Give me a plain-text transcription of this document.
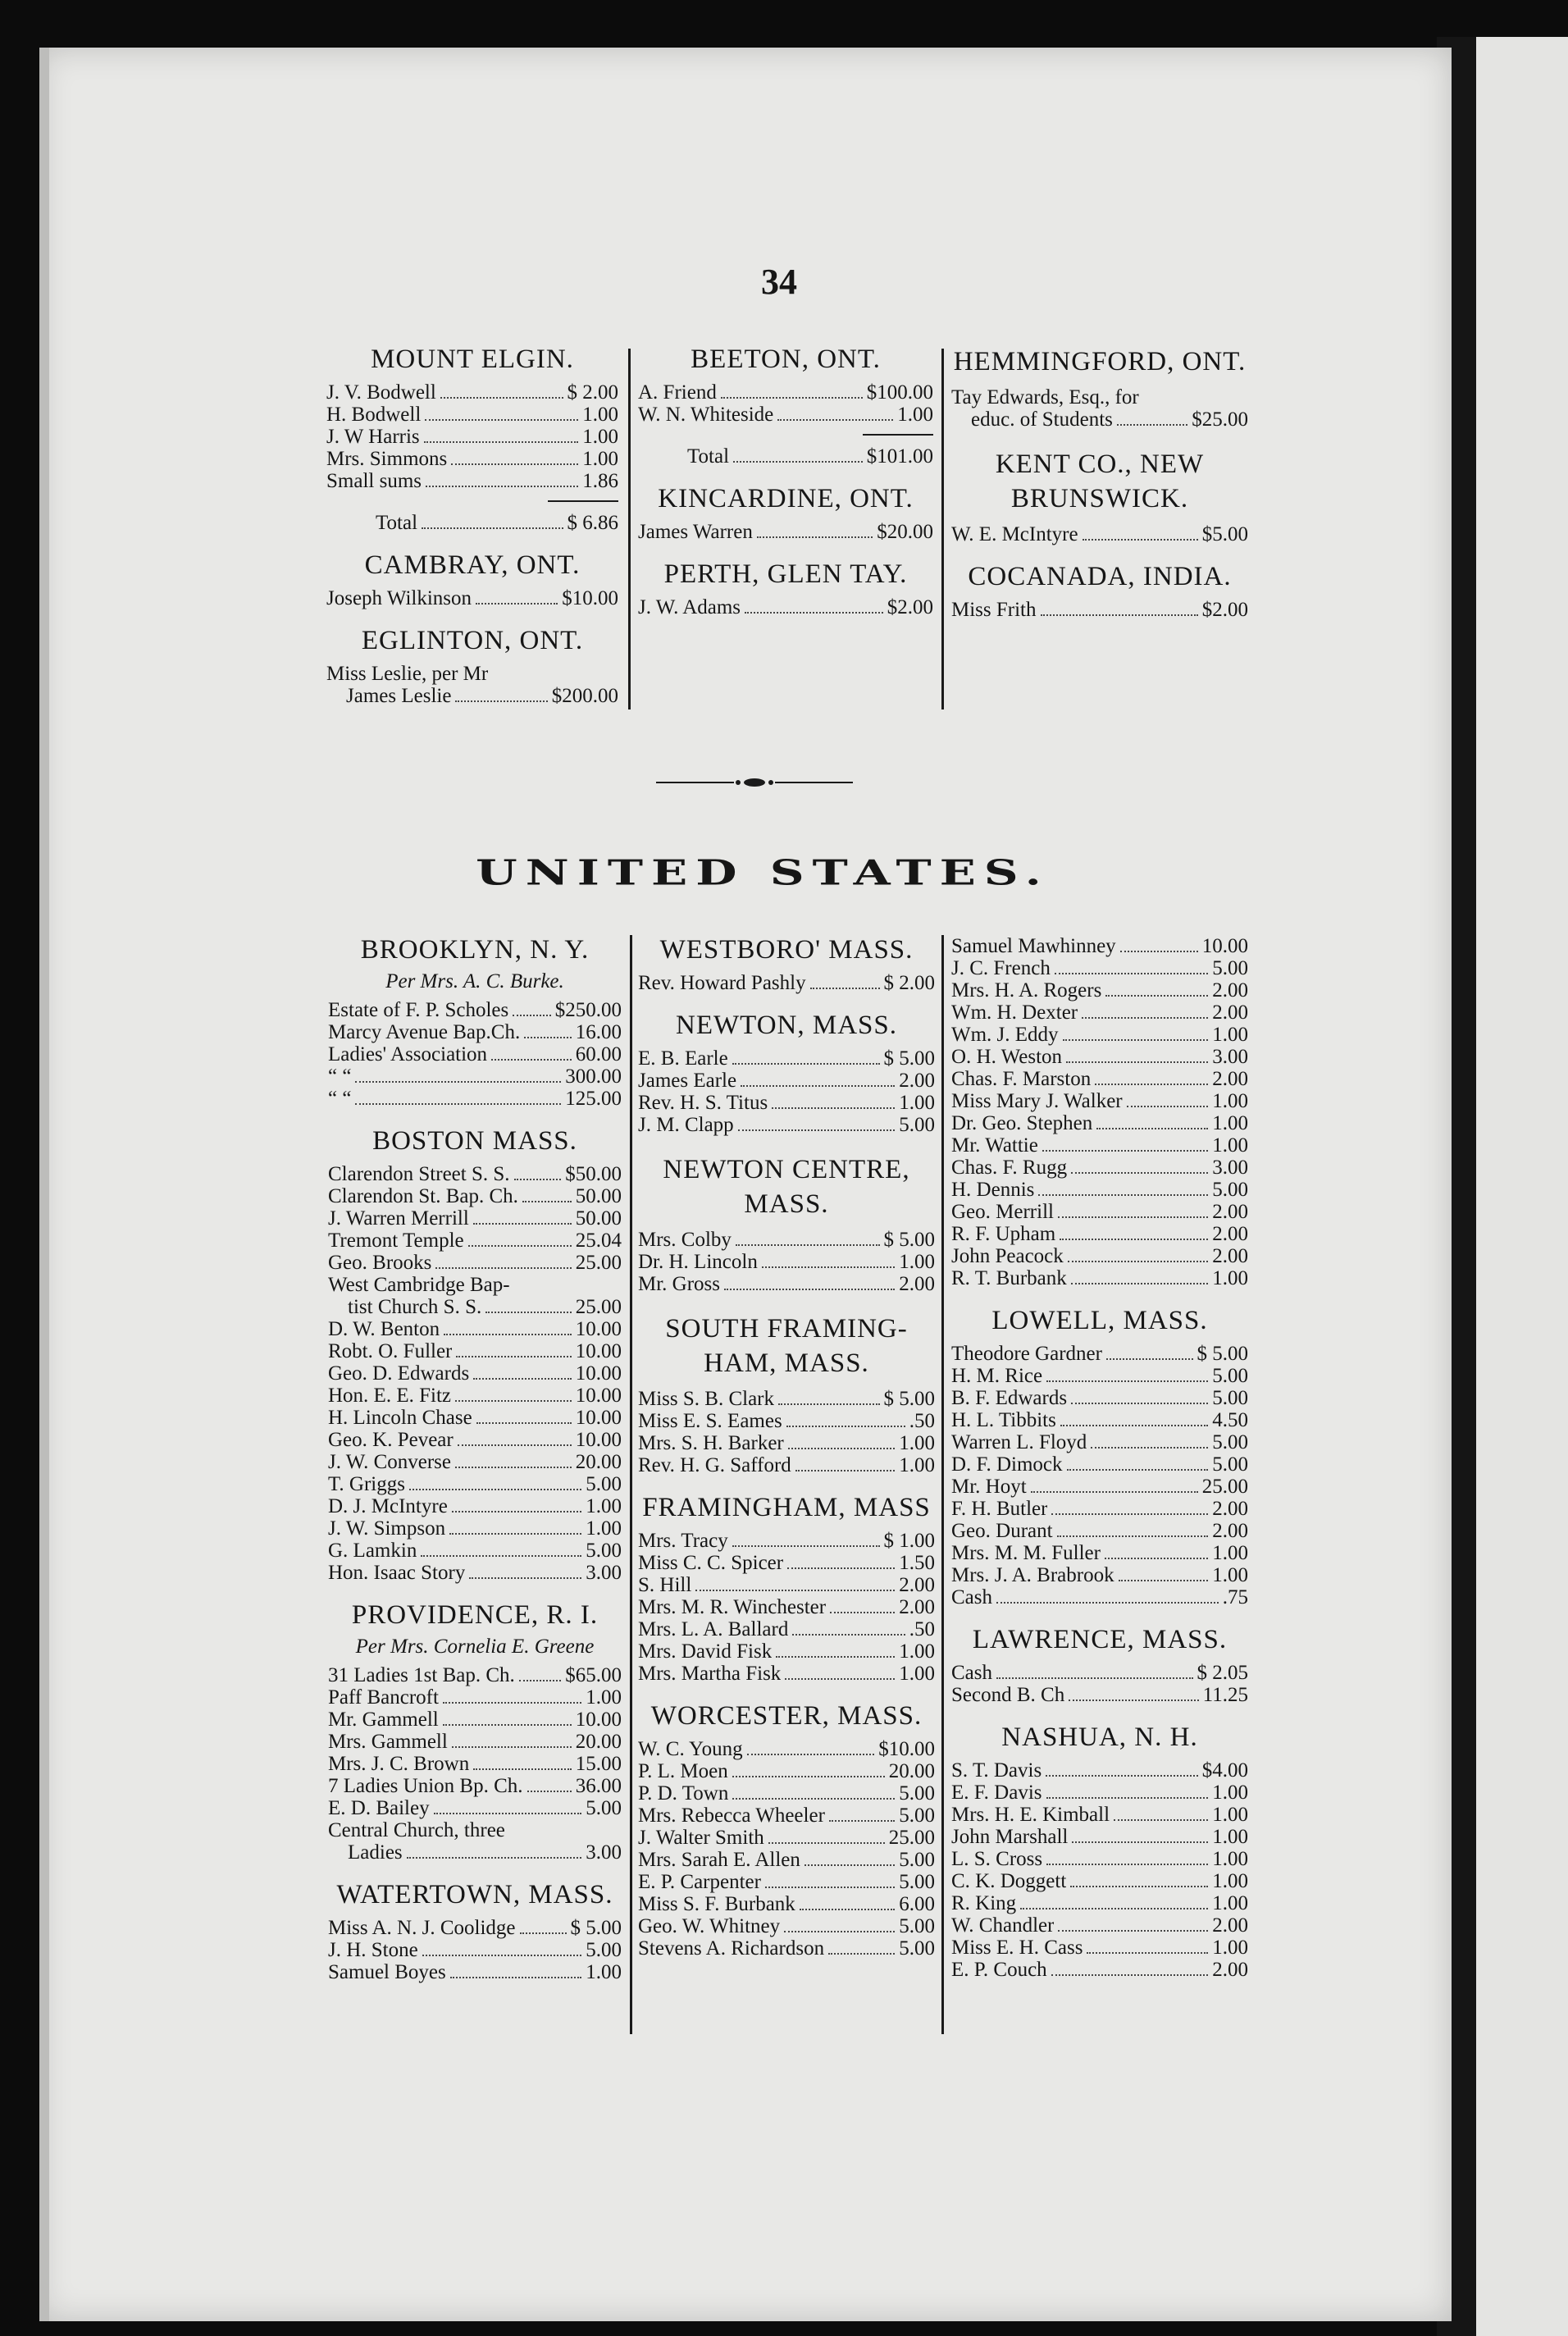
34
MOUNT ELGIN.
J. V. Bodwell	$ 2.00
H. Bodwell	1.00
J. W Harris	1.00
Mrs. Simmons	1.00
Small sums	1.86
Total	$ 6.86
CAMBRAY, ONT.
Joseph Wilkinson	$10.00
EGLINTON, ONT.
Miss Leslie, per Mr
James Leslie	$200.00
BEETON, ONT.
A. Friend	$100.00
W. N. Whiteside	1.00
Total	$101.00
KINCARDINE, ONT.
James Warren	$20.00
PERTH, GLEN TAY.
J. W. Adams	$2.00
HEMMINGFORD, ONT.
Tay Edwards, Esq., for
educ. of Students	$25.00
KENT CO., NEW BRUNSWICK.
W. E. McIntyre	$5.00
COCANADA, INDIA.
Miss Frith	$2.00
UNITED STATES.
BROOKLYN, N. Y.
Per Mrs. A. C. Burke.
Estate of F. P. Scholes $250.00
Marcy Avenue Bap.Ch.	16.00
Ladies' Association	60.00
“ “	300.00
“ “	125.00
BOSTON MASS.
Clarendon Street S. S.	$50.00
Clarendon St. Bap. Ch.	50.00
J. Warren Merrill	50.00
Tremont Temple	25.04
Geo. Brooks	25.00
West Cambridge Bap-
tist Church S. S.	25.00
D. W. Benton	10.00
Robt. O. Fuller	10.00
Geo. D. Edwards	10.00
Hon. E. E. Fitz	10.00
H. Lincoln Chase	10.00
Geo. K. Pevear	10.00
J. W. Converse	20.00
T. Griggs	5.00
D. J. McIntyre	1.00
J. W. Simpson	1.00
G. Lamkin	5.00
Hon. Isaac Story	3.00
PROVIDENCE, R. I.
Per Mrs. Cornelia E. Greene
31 Ladies 1st Bap. Ch. $65.00
Paff Bancroft	1.00
Mr. Gammell	10.00
Mrs. Gammell	20.00
Mrs. J. C. Brown	15.00
7 Ladies Union Bp. Ch.	36.00
E. D. Bailey	5.00
Central Church, three
Ladies	3.00
WATERTOWN, MASS.
Miss A. N. J. Coolidge	$ 5.00
J. H. Stone	5.00
Samuel Boyes	1.00
WESTBORO' MASS.
Rev. Howard Pashly	$ 2.00
NEWTON, MASS.
E. B. Earle	$ 5.00
James Earle	2.00
Rev. H. S. Titus	1.00
J. M. Clapp	5.00
NEWTON CENTRE, MASS.
Mrs. Colby	$ 5.00
Dr. H. Lincoln	1.00
Mr. Gross	2.00
SOUTH FRAMING-HAM, MASS.
Miss S. B. Clark	$ 5.00
Miss E. S. Eames	.50
Mrs. S. H. Barker	1.00
Rev. H. G. Safford	1.00
FRAMINGHAM, MASS
Mrs. Tracy	$ 1.00
Miss C. C. Spicer	1.50
S. Hill	2.00
Mrs. M. R. Winchester	2.00
Mrs. L. A. Ballard	.50
Mrs. David Fisk	1.00
Mrs. Martha Fisk	1.00
WORCESTER, MASS.
W. C. Young	$10.00
P. L. Moen	20.00
P. D. Town	5.00
Mrs. Rebecca Wheeler	5.00
J. Walter Smith	25.00
Mrs. Sarah E. Allen	5.00
E. P. Carpenter	5.00
Miss S. F. Burbank	6.00
Geo. W. Whitney	5.00
Stevens A. Richardson	5.00
Samuel Mawhinney	10.00
J. C. French	5.00
Mrs. H. A. Rogers	2.00
Wm. H. Dexter	2.00
Wm. J. Eddy	1.00
O. H. Weston	3.00
Chas. F. Marston	2.00
Miss Mary J. Walker	1.00
Dr. Geo. Stephen	1.00
Mr. Wattie	1.00
Chas. F. Rugg	3.00
H. Dennis	5.00
Geo. Merrill	2.00
R. F. Upham	2.00
John Peacock	2.00
R. T. Burbank	1.00
LOWELL, MASS.
Theodore Gardner	$ 5.00
H. M. Rice	5.00
B. F. Edwards	5.00
H. L. Tibbits	4.50
Warren L. Floyd	5.00
D. F. Dimock	5.00
Mr. Hoyt	25.00
F. H. Butler	2.00
Geo. Durant	2.00
Mrs. M. M. Fuller	1.00
Mrs. J. A. Brabrook	1.00
Cash	.75
LAWRENCE, MASS.
Cash	$ 2.05
Second B. Ch	11.25
NASHUA, N. H.
S. T. Davis	$4.00
E. F. Davis	1.00
Mrs. H. E. Kimball	1.00
John Marshall	1.00
L. S. Cross	1.00
C. K. Doggett	1.00
R. King	1.00
W. Chandler	2.00
Miss E. H. Cass	1.00
E. P. Couch	2.00
